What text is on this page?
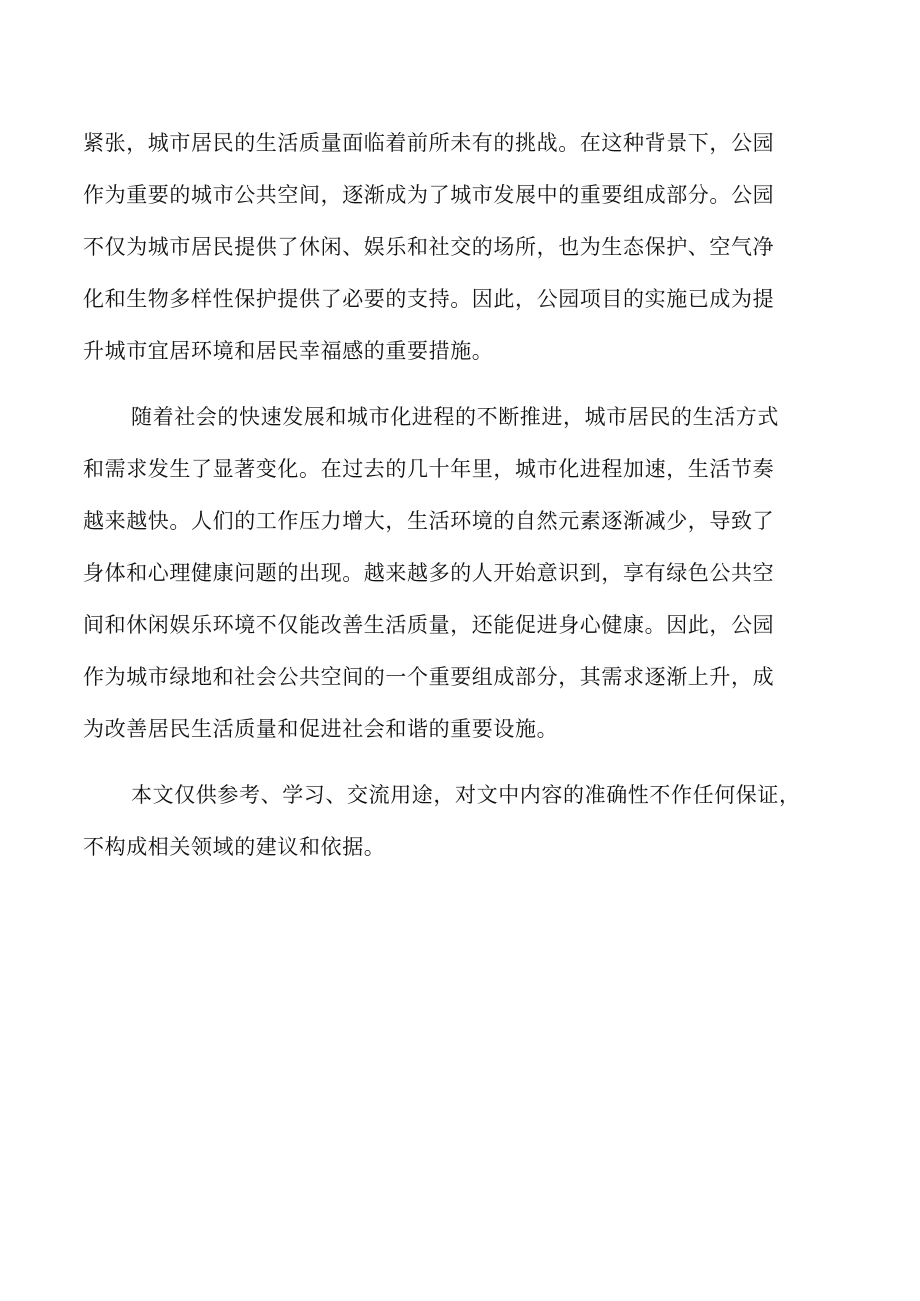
紧张，城市居民的生活质量面临着前所未有的挑战。在这种背景下，公园
作为重要的城市公共空间，逐渐成为了城市发展中的重要组成部分。公园
不仅为城市居民提供了休闲、娱乐和社交的场所，也为生态保护、空气净
化和生物多样性保护提供了必要的支持。因此，公园项目的实施已成为提
升城市宜居环境和居民幸福感的重要措施。
随着社会的快速发展和城市化进程的不断推进，城市居民的生活方式
和需求发生了显著变化。在过去的几十年里，城市化进程加速，生活节奏
越来越快。人们的工作压力增大，生活环境的自然元素逐渐减少，导致了
身体和心理健康问题的出现。越来越多的人开始意识到，享有绿色公共空
间和休闲娱乐环境不仅能改善生活质量，还能促进身心健康。因此，公园
作为城市绿地和社会公共空间的一个重要组成部分，其需求逐渐上升，成
为改善居民生活质量和促进社会和谐的重要设施。
本文仅供参考、学习、交流用途，对文中内容的准确性不作任何保证，
不构成相关领域的建议和依据。
